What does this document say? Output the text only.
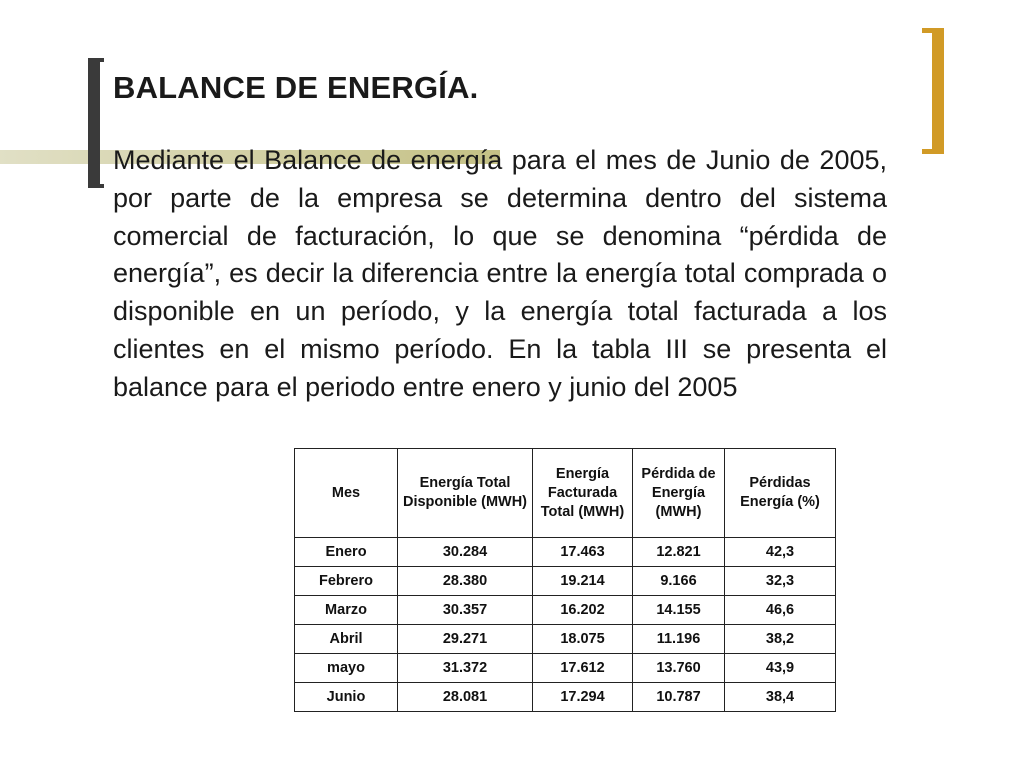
BALANCE DE ENERGÍA.
Mediante el Balance de energía para el mes de Junio de 2005, por parte de la empresa se determina dentro del sistema comercial de facturación, lo que se denomina “pérdida de energía”, es decir la diferencia entre la energía total comprada o disponible en un período, y la energía total facturada a los clientes en el mismo período. En la tabla III se presenta el balance para el periodo entre enero y junio del 2005
Mes	Energía Total Disponible (MWH)	Energía Facturada Total (MWH)	Pérdida de Energía (MWH)	Pérdidas Energía (%)
Enero	30.284	17.463	12.821	42,3
Febrero	28.380	19.214	9.166	32,3
Marzo	30.357	16.202	14.155	46,6
Abril	29.271	18.075	11.196	38,2
mayo	31.372	17.612	13.760	43,9
Junio	28.081	17.294	10.787	38,4
